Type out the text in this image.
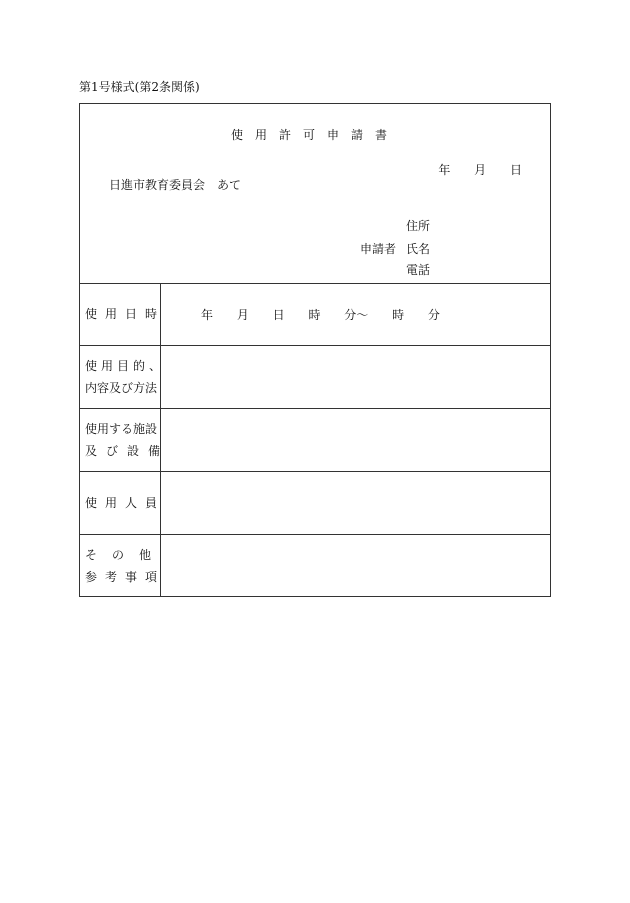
第1号様式(第2条関係)
使用許可申請書
年 月 日
日進市教育委員会　あて
住所
申請者 氏名
電話
使用日時	年 月 日 時 分～ 時 分
使用目的、
内容及び方法
使用する施設
及び設備
使用人員
その他
参考事項
